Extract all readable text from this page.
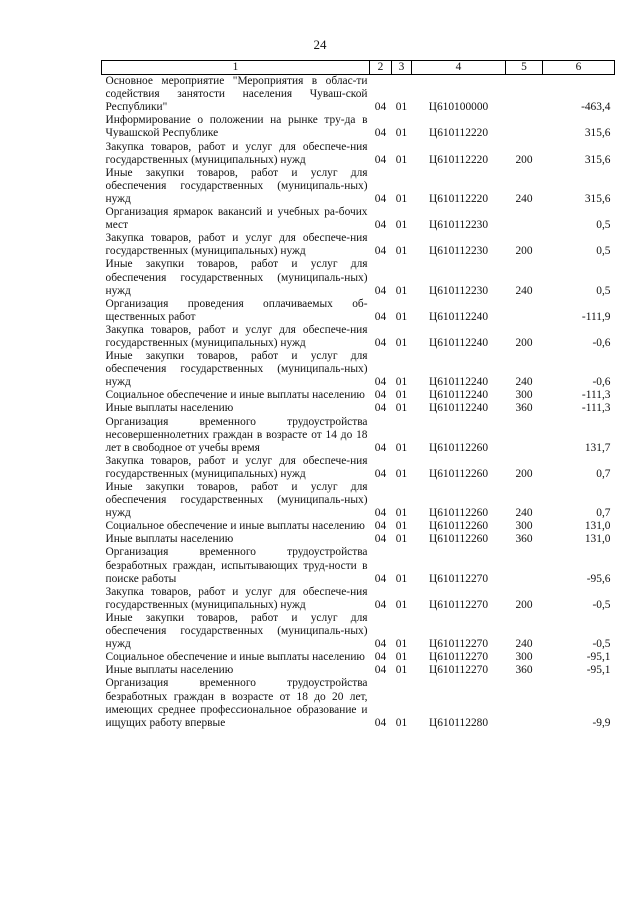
24
1	2	3	4	5	6
Основное мероприятие "Мероприятия в облас-ти содействия занятости населения Чуваш-ской Республики"	04	01	Ц610100000		-463,4
Информирование о положении на рынке тру-да в Чувашской Республике	04	01	Ц610112220		315,6
Закупка товаров, работ и услуг для обеспече-ния государственных (муниципальных) нужд	04	01	Ц610112220	200	315,6
Иные закупки товаров, работ и услуг для обеспечения государственных (муниципаль-ных) нужд	04	01	Ц610112220	240	315,6
Организация ярмарок вакансий и учебных ра-бочих мест	04	01	Ц610112230		0,5
Закупка товаров, работ и услуг для обеспече-ния государственных (муниципальных) нужд	04	01	Ц610112230	200	0,5
Иные закупки товаров, работ и услуг для обеспечения государственных (муниципаль-ных) нужд	04	01	Ц610112230	240	0,5
Организация проведения оплачиваемых об-щественных работ	04	01	Ц610112240		-111,9
Закупка товаров, работ и услуг для обеспече-ния государственных (муниципальных) нужд	04	01	Ц610112240	200	-0,6
Иные закупки товаров, работ и услуг для обеспечения государственных (муниципаль-ных) нужд	04	01	Ц610112240	240	-0,6
Социальное обеспечение и иные выплаты населению	04	01	Ц610112240	300	-111,3
Иные выплаты населению	04	01	Ц610112240	360	-111,3
Организация временного трудоустройства несовершеннолетних граждан в возрасте от 14 до 18 лет в свободное от учебы время	04	01	Ц610112260		131,7
Закупка товаров, работ и услуг для обеспече-ния государственных (муниципальных) нужд	04	01	Ц610112260	200	0,7
Иные закупки товаров, работ и услуг для обеспечения государственных (муниципаль-ных) нужд	04	01	Ц610112260	240	0,7
Социальное обеспечение и иные выплаты населению	04	01	Ц610112260	300	131,0
Иные выплаты населению	04	01	Ц610112260	360	131,0
Организация временного трудоустройства безработных граждан, испытывающих труд-ности в поиске работы	04	01	Ц610112270		-95,6
Закупка товаров, работ и услуг для обеспече-ния государственных (муниципальных) нужд	04	01	Ц610112270	200	-0,5
Иные закупки товаров, работ и услуг для обеспечения государственных (муниципаль-ных) нужд	04	01	Ц610112270	240	-0,5
Социальное обеспечение и иные выплаты населению	04	01	Ц610112270	300	-95,1
Иные выплаты населению	04	01	Ц610112270	360	-95,1
Организация временного трудоустройства безработных граждан в возрасте от 18 до 20 лет, имеющих среднее профессиональное образование и ищущих работу впервые	04	01	Ц610112280		-9,9
